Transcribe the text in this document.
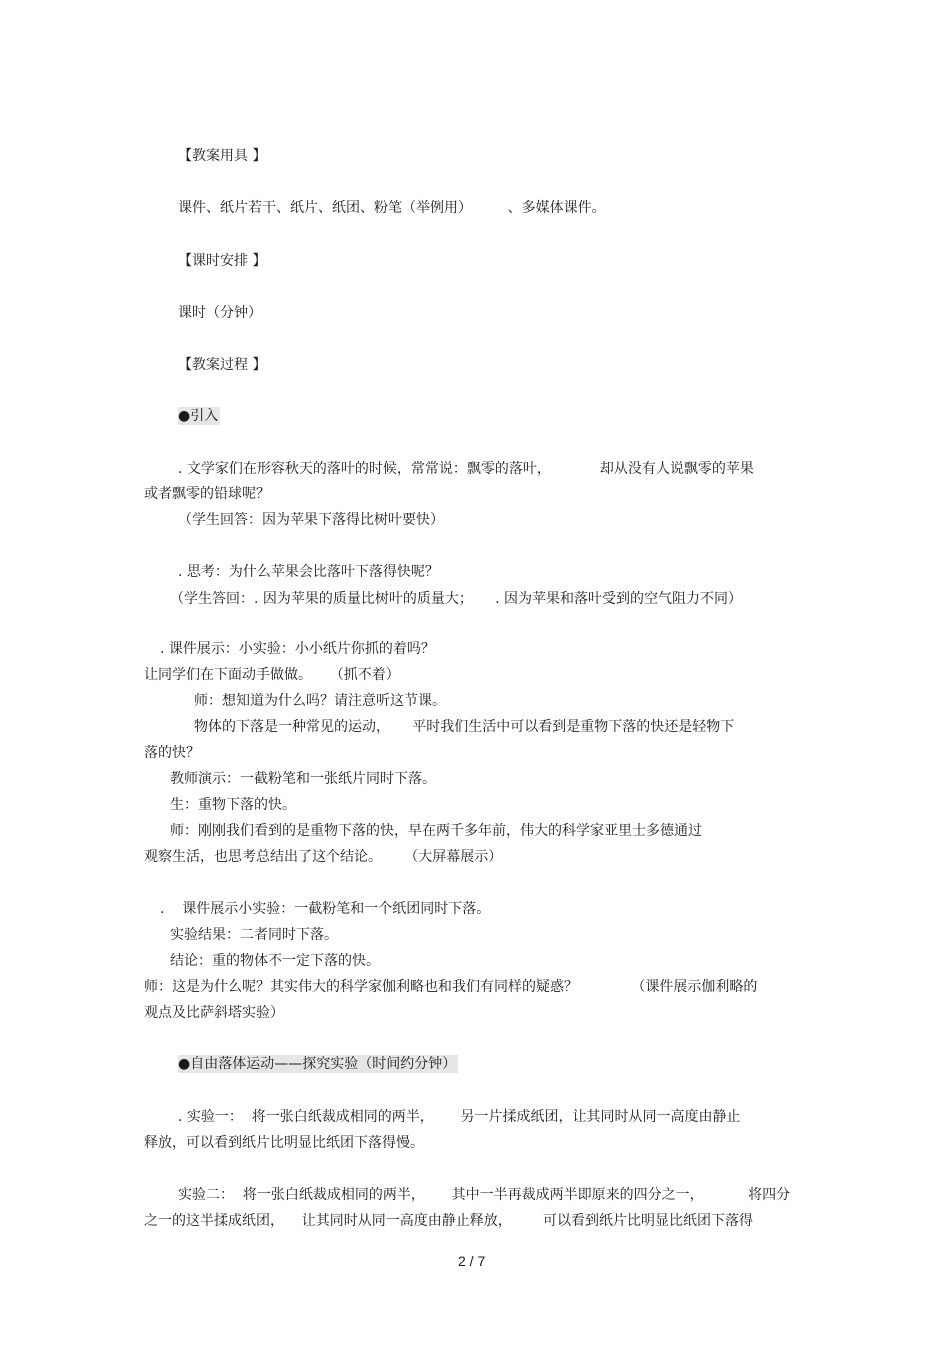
【教案用具 】
课件、纸片若干、纸片、纸团、粉笔（举例用）        、多媒体课件。
【课时安排 】
课时（分钟）
【教案过程 】
●引入
. 文学家们在形容秋天的落叶的时候，常常说：飘零的落叶，           却从没有人说飘零的苹果
或者飘零的铅球呢？
（学生回答：因为苹果下落得比树叶要快）
. 思考：为什么苹果会比落叶下落得快呢？
（学生答回：. 因为苹果的质量比树叶的质量大；     . 因为苹果和落叶受到的空气阻力不同）
. 课件展示：小实验：小小纸片你抓的着吗？
让同学们在下面动手做做。    （抓不着）
师：想知道为什么吗？请注意听这节课。
物体的下落是一种常见的运动，     平时我们生活中可以看到是重物下落的快还是轻物下
落的快？
教师演示：一截粉笔和一张纸片同时下落。
生：重物下落的快。
师：刚刚我们看到的是重物下落的快，早在两千多年前，伟大的科学家亚里士多德通过
观察生活，也思考总结出了这个结论。     （大屏幕展示）
.    课件展示小实验：一截粉笔和一个纸团同时下落。
实验结果：二者同时下落。
结论：重的物体不一定下落的快。
师：这是为什么呢？其实伟大的科学家伽利略也和我们有同样的疑惑？            （课件展示伽利略的
观点及比萨斜塔实验）
●自由落体运动——探究实验（时间约分钟）
. 实验一：  将一张白纸裁成相同的两半，      另一片揉成纸团，让其同时从同一高度由静止
释放，可以看到纸片比明显比纸团下落得慢。
实验二：  将一张白纸裁成相同的两半，      其中一半再裁成两半即原来的四分之一，          将四分
之一的这半揉成纸团，    让其同时从同一高度由静止释放，       可以看到纸片比明显比纸团下落得
2 / 7
